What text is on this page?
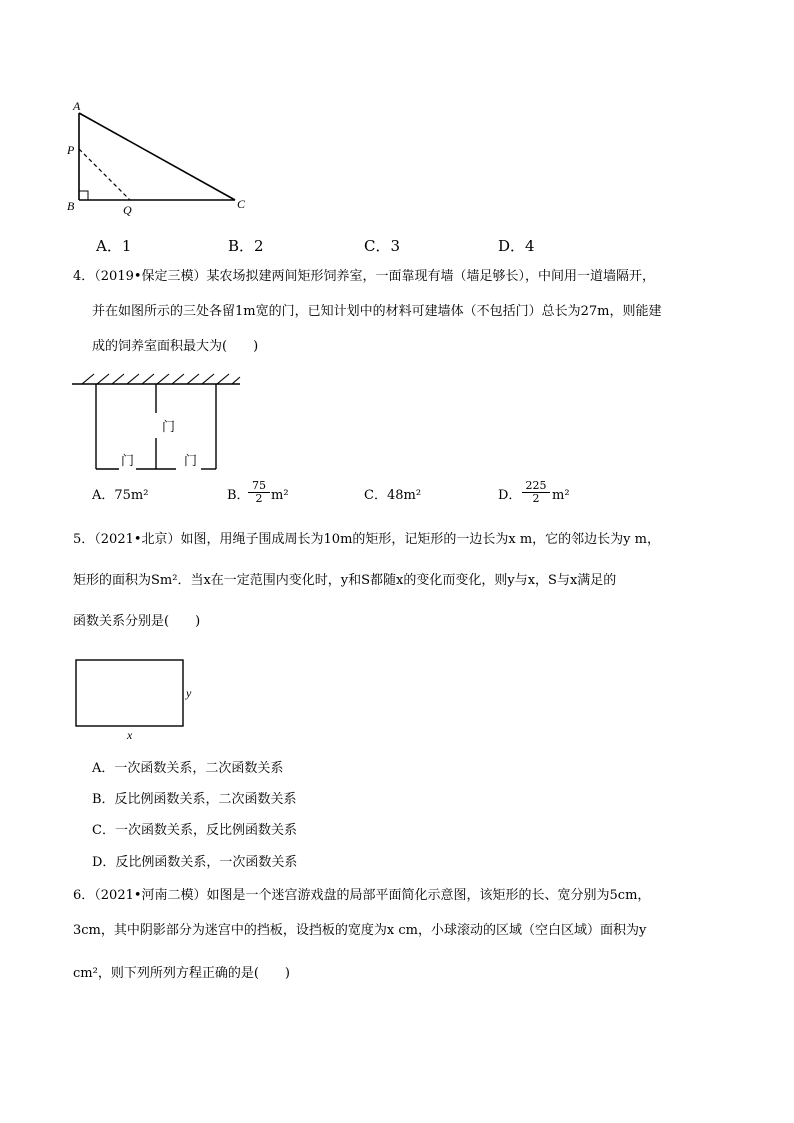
A
P
B	Q	C
A．1	B．2	C．3	D．4
4．（2019•保定三模）某农场拟建两间矩形饲养室，一面靠现有墙（墙足够长），中间用一道墙隔开，
并在如图所示的三处各留1m宽的门，已知计划中的材料可建墙体（不包括门）总长为27m，则能建
成的饲养室面积最大为(　　)
门
门	门
A．75m²	B．
$\frac{75}{2} m^2$	C．48m²	D． $\frac{225}{2} m^2$
5．（2021•北京）如图，用绳子围成周长为10m的矩形，记矩形的一边长为x m，它的邻边长为y m，
矩形的面积为Sm²．当x在一定范围内变化时，y和S都随x的变化而变化，则y与x，S与x满足的
函数关系分别是(　　)
y
x
A．一次函数关系，二次函数关系
B．反比例函数关系，二次函数关系
C．一次函数关系，反比例函数关系
D．反比例函数关系，一次函数关系
6．（2021•河南二模）如图是一个迷宫游戏盘的局部平面简化示意图，该矩形的长、宽分别为5cm，
3cm，其中阴影部分为迷宫中的挡板，设挡板的宽度为x cm，小球滚动的区域（空白区域）面积为y
cm²，则下列所列方程正确的是(　　)
